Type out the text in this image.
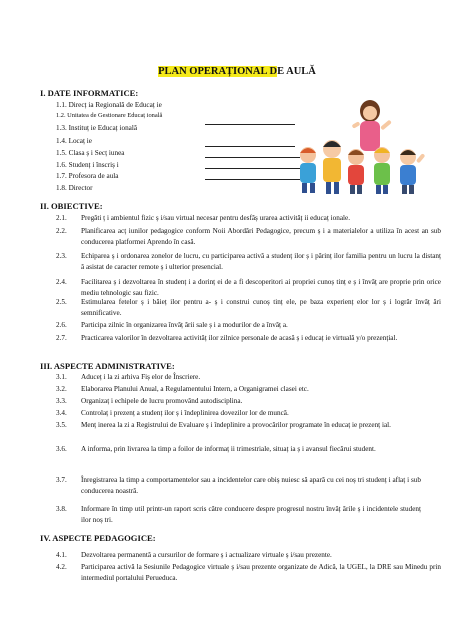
PLAN OPERAȚIONAL DE AULĂ
I. DATE INFORMATICE:
1.1. Direcț ia Regională de Educaț ie
1.2. Unitatea de Gestionare Educaț ională
1.3. Instituț ie Educaț ională
1.4. Locaț ie
1.5. Clasa ș i Secț iunea
1.6. Studenț i înscriș i
1.7. Profesora de aula
1.8. Director
II. OBIECTIVE:
2.1. Pregăti ț i ambientul fizic ș i/sau virtual necesar pentru desfăș urarea activităț ii educaț ionale.
2.2. Planificarea acț iunilor pedagogice conform Noii Abordări Pedagogice, precum ș i a materialelor a utiliza în acest an sub conducerea platformei Aprendo în casă.
2.3. Echiparea ș i ordonarea zonelor de lucru, cu participarea activă a studenț ilor ș i părinț ilor familia pentru un lucru la distanț ă asistat de caracter remote ș i ulterior presencial.
2.4. Facilitarea ș i dezvoltarea în studenț i a dorinț ei de a fi descoperitori ai propriei cunoș tinț e ș i învăț are proprie prin orice mediu tehnologic sau fizic.
2.5. Estimularea fetelor ș i băieț ilor pentru a- ș i construi cunoș tinț ele, pe baza experienț elor lor ș i logrăr învăț ări semnificative.
2.6. Participa zilnic în organizarea învăț ării sale ș i a modurilor de a învăț a.
2.7. Practicarea valorilor în dezvoltarea activităț ilor zilnice personale de acasă ș i educaț ie virtuală y/o prezențial.
III. ASPECTE ADMINISTRATIVE:
3.1. Aduceț i la zi arhiva Fiș elor de Înscriere.
3.2. Elaborarea Planului Anual, a Regulamentului Intern, a Organigramei clasei etc.
3.3. Organizaț i echipele de lucru promovând autodisciplina.
3.4. Controlaț i prezenț a studenț ilor ș i îndeplinirea dovezilor lor de muncă.
3.5. Menț inerea la zi a Registrului de Evaluare ș i îndeplinire a provocărilor programate în educaț ie prezenț ial.
3.6. A informa, prin livrarea la timp a foilor de informaț ii trimestriale, situaț ia ș i avansul fiecărui student.
3.7. Înregistrarea la timp a comportamentelor sau a incidentelor care obiș nuiesc să apară cu cei noș tri studenț i aflaț i sub conducerea noastră.
3.8. Informare în timp util printr-un raport scris către conducere despre progresul nostru învăț ările ș i incidentele studenț ilor noș tri.
IV. ASPECTE PEDAGOGICE:
4.1. Dezvoltarea permanentă a cursurilor de formare ș i actualizare virtuale ș i/sau prezente.
4.2. Participarea activă la Sesiunile Pedagogice virtuale ș i/sau prezente organizate de Adică, la UGEL, la DRE sau Minedu prin intermediul portalului Perueduca.
